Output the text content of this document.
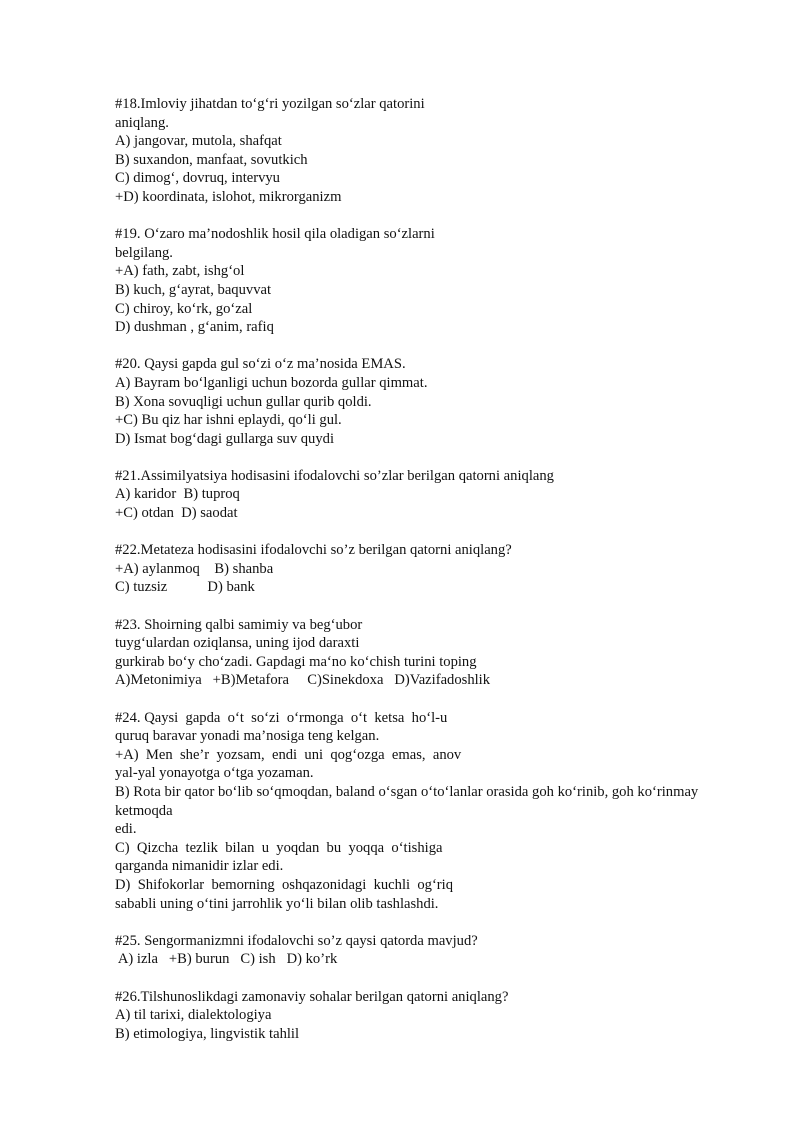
#18.Imloviy jihatdan to‘g‘ri yozilgan so‘zlar qatorini
aniqlang.
A) jangovar, mutola, shafqat
B) suxandon, manfaat, sovutkich
C) dimog‘, dovruq, intervyu
+D) koordinata, islohot, mikrorganizm
#19. O‘zaro ma’nodoshlik hosil qila oladigan so‘zlarni
belgilang.
+A) fath, zabt, ishg‘ol
B) kuch, g‘ayrat, baquvvat
C) chiroy, ko‘rk, go‘zal
D) dushman , g‘anim, rafiq
#20. Qaysi gapda gul so‘zi o‘z ma’nosida EMAS.
A) Bayram bo‘lganligi uchun bozorda gullar qimmat.
B) Xona sovuqligi uchun gullar qurib qoldi.
+C) Bu qiz har ishni eplaydi, qo‘li gul.
D) Ismat bog‘dagi gullarga suv quydi
#21.Assimilyatsiya hodisasini ifodalovchi so’zlar berilgan qatorni aniqlang
A) karidor  B) tuproq
+C) otdan  D) saodat
#22.Metateza hodisasini ifodalovchi so’z berilgan qatorni aniqlang?
+A) aylanmoq    B) shanba
C) tuzsiz           D) bank
#23. Shoirning qalbi samimiy va beg‘ubor
tuyg‘ulardan oziqlansa, uning ijod daraxti
gurkirab bo‘y cho‘zadi. Gapdagi ma‘no ko‘chish turini toping
A)Metonimiya   +B)Metafora     C)Sinekdoxa   D)Vazifadoshlik
#24. Qaysi  gapda  o‘t  so‘zi  o‘rmonga  o‘t  ketsa  ho‘l-u
quruq baravar yonadi ma’nosiga teng kelgan.
+A)  Men  she’r  yozsam,  endi  uni  qog‘ozga  emas,  anov
yal-yal yonayotga o‘tga yozaman.
B) Rota bir qator bo‘lib so‘qmoqdan, baland o‘sgan o‘to‘lanlar orasida goh ko‘rinib, goh ko‘rinmay ketmoqda
edi.
C)  Qizcha  tezlik  bilan  u  yoqdan  bu  yoqqa  o‘tishiga
qarganda nimanidir izlar edi.
D)  Shifokorlar  bemorning  oshqazonidagi  kuchli  og‘riq
sababli uning o‘tini jarrohlik yo‘li bilan olib tashlashdi.
#25. Sengormanizmni ifodalovchi so’z qaysi qatorda mavjud?
A) izla   +B) burun   C) ish   D) ko’rk
#26.Tilshunoslikdagi zamonaviy sohalar berilgan qatorni aniqlang?
A) til tarixi, dialektologiya
B) etimologiya, lingvistik tahlil
